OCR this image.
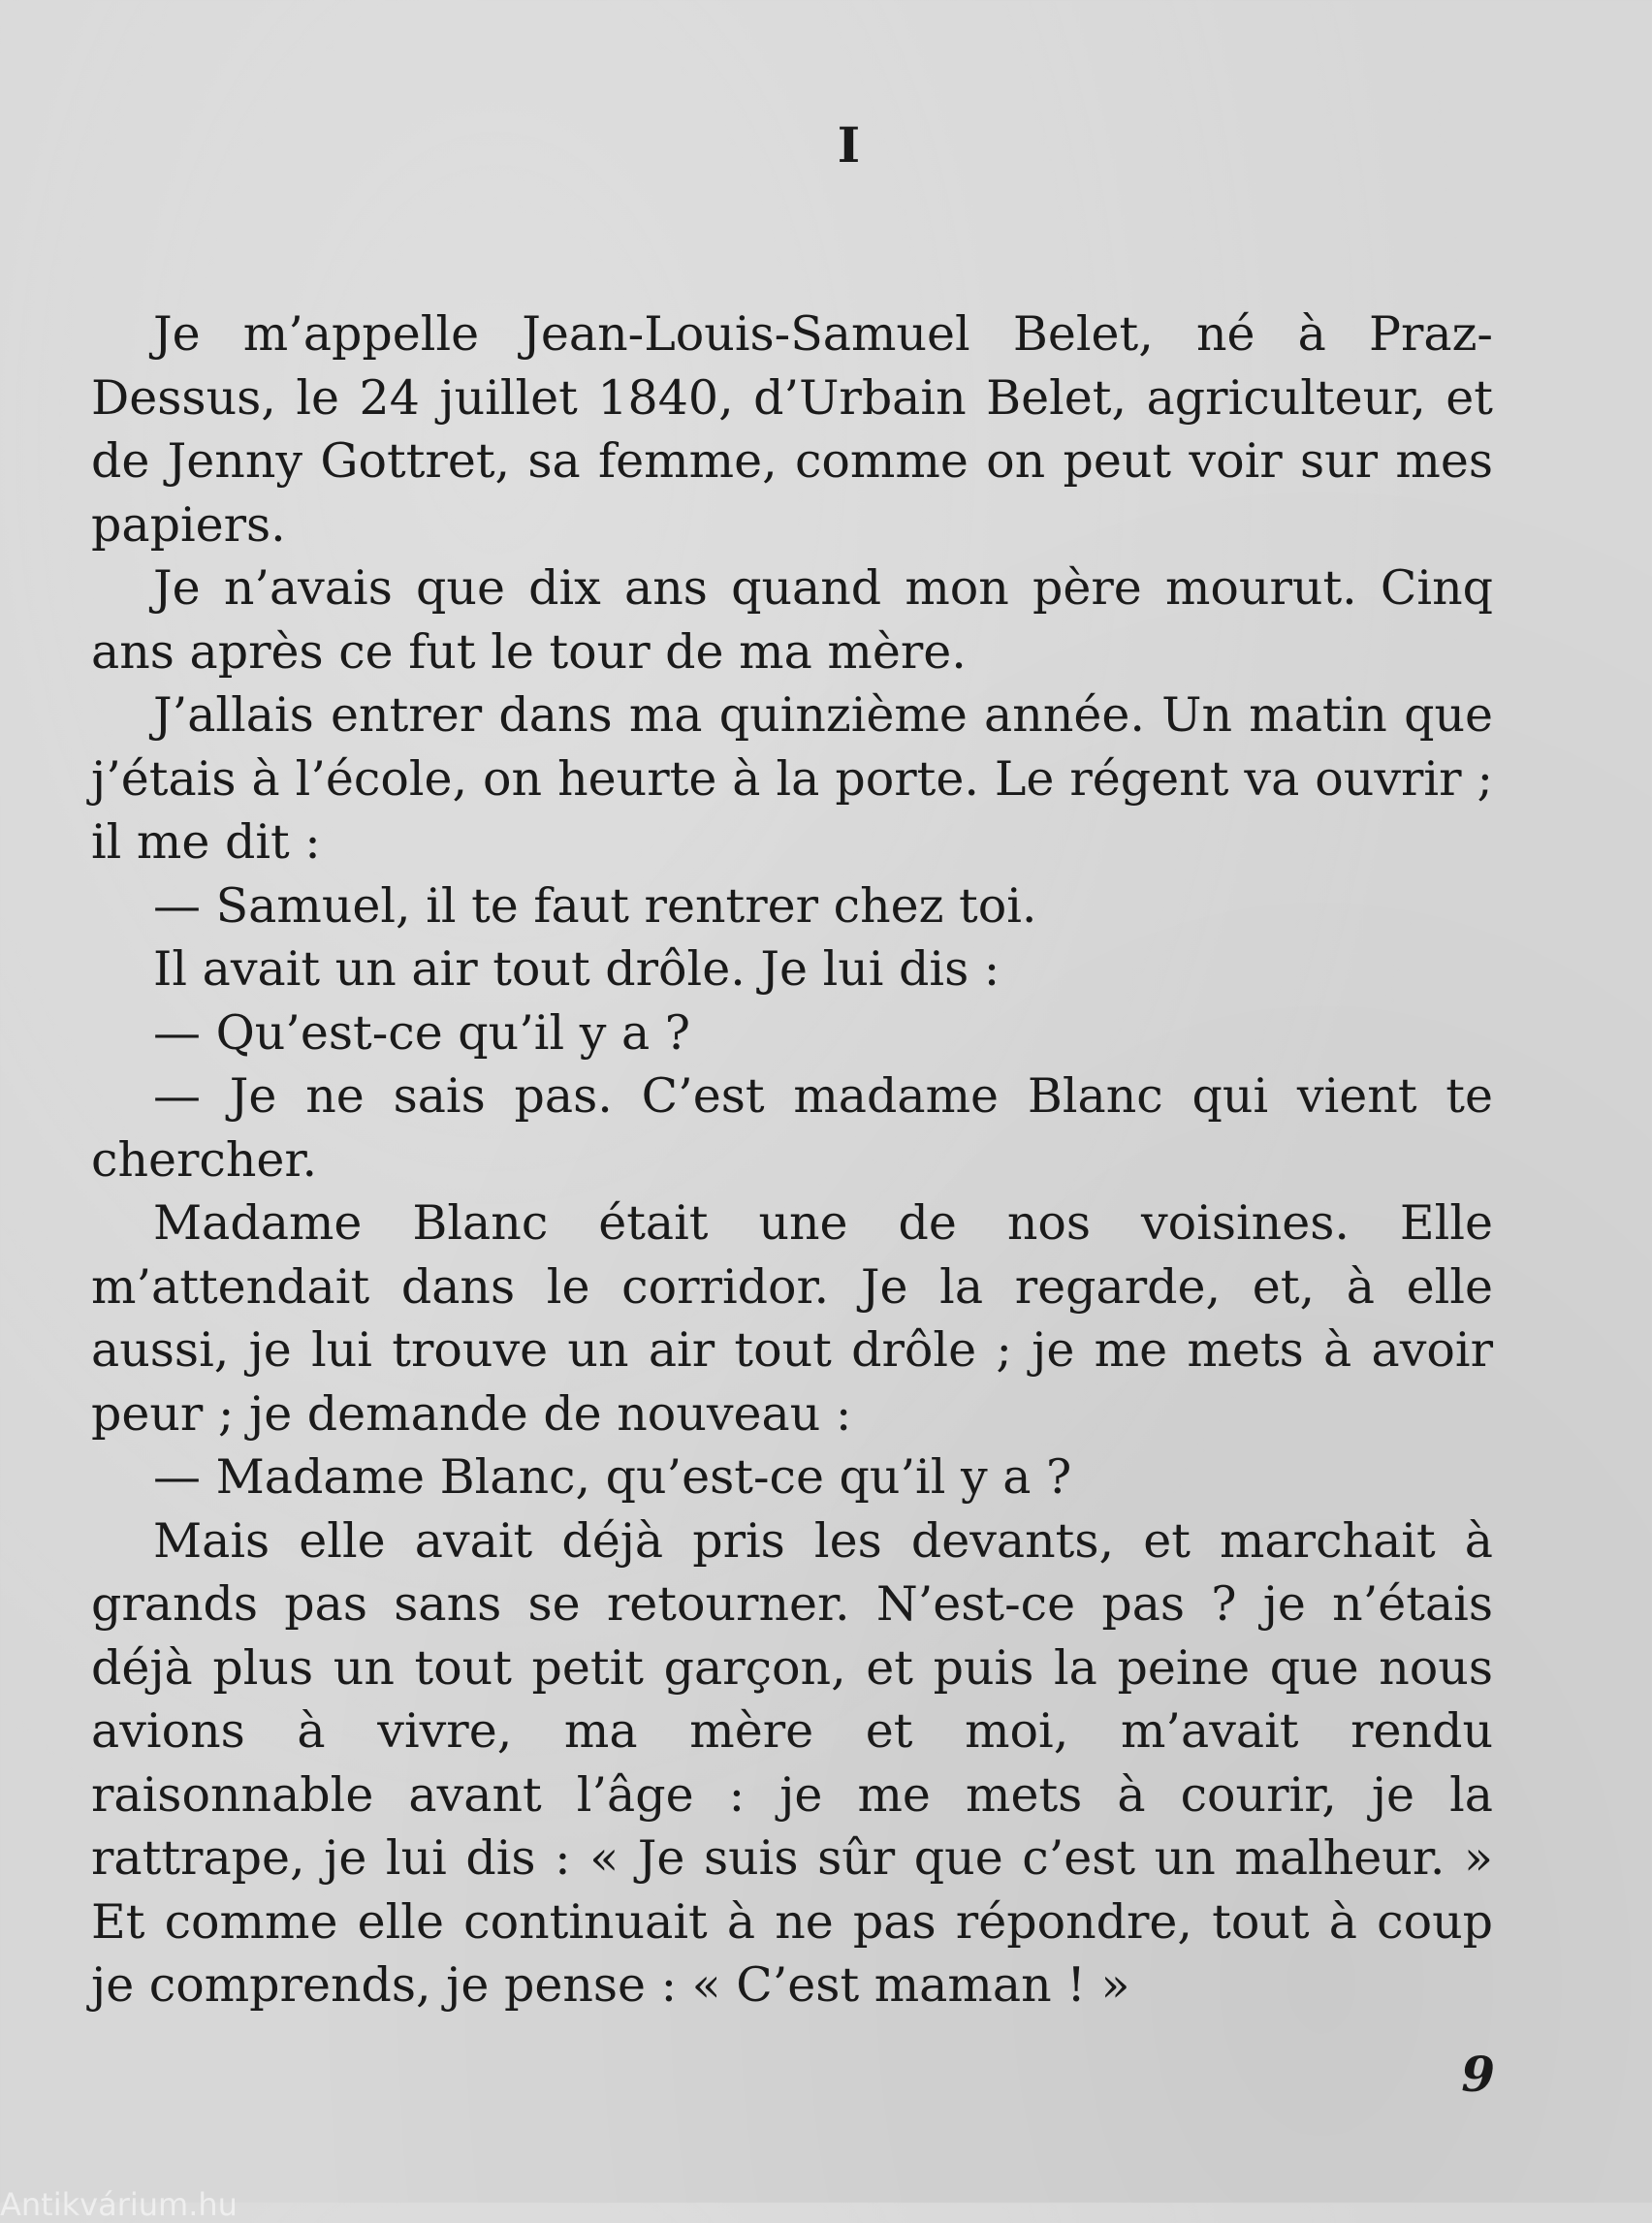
I

Je m’appelle Jean-Louis-Samuel Belet, né à Praz-Dessus, le 24 juillet 1840, d’Urbain Belet, agriculteur, et de Jenny Gottret, sa femme, comme on peut voir sur mes papiers.

Je n’avais que dix ans quand mon père mourut. Cinq ans après ce fut le tour de ma mère.

J’allais entrer dans ma quinzième année. Un matin que j’étais à l’école, on heurte à la porte. Le régent va ouvrir ; il me dit :

— Samuel, il te faut rentrer chez toi.

Il avait un air tout drôle. Je lui dis :

— Qu’est-ce qu’il y a ?

— Je ne sais pas. C’est madame Blanc qui vient te chercher.

Madame Blanc était une de nos voisines. Elle m’attendait dans le corridor. Je la regarde, et, à elle aussi, je lui trouve un air tout drôle ; je me mets à avoir peur ; je demande de nouveau :

— Madame Blanc, qu’est-ce qu’il y a ?

Mais elle avait déjà pris les devants, et marchait à grands pas sans se retourner. N’est-ce pas ? je n’étais déjà plus un tout petit garçon, et puis la peine que nous avions à vivre, ma mère et moi, m’avait rendu raisonnable avant l’âge : je me mets à courir, je la rattrape, je lui dis : « Je suis sûr que c’est un malheur. » Et comme elle continuait à ne pas répondre, tout à coup je comprends, je pense : « C’est maman ! »

9
Antikvárium.hu
